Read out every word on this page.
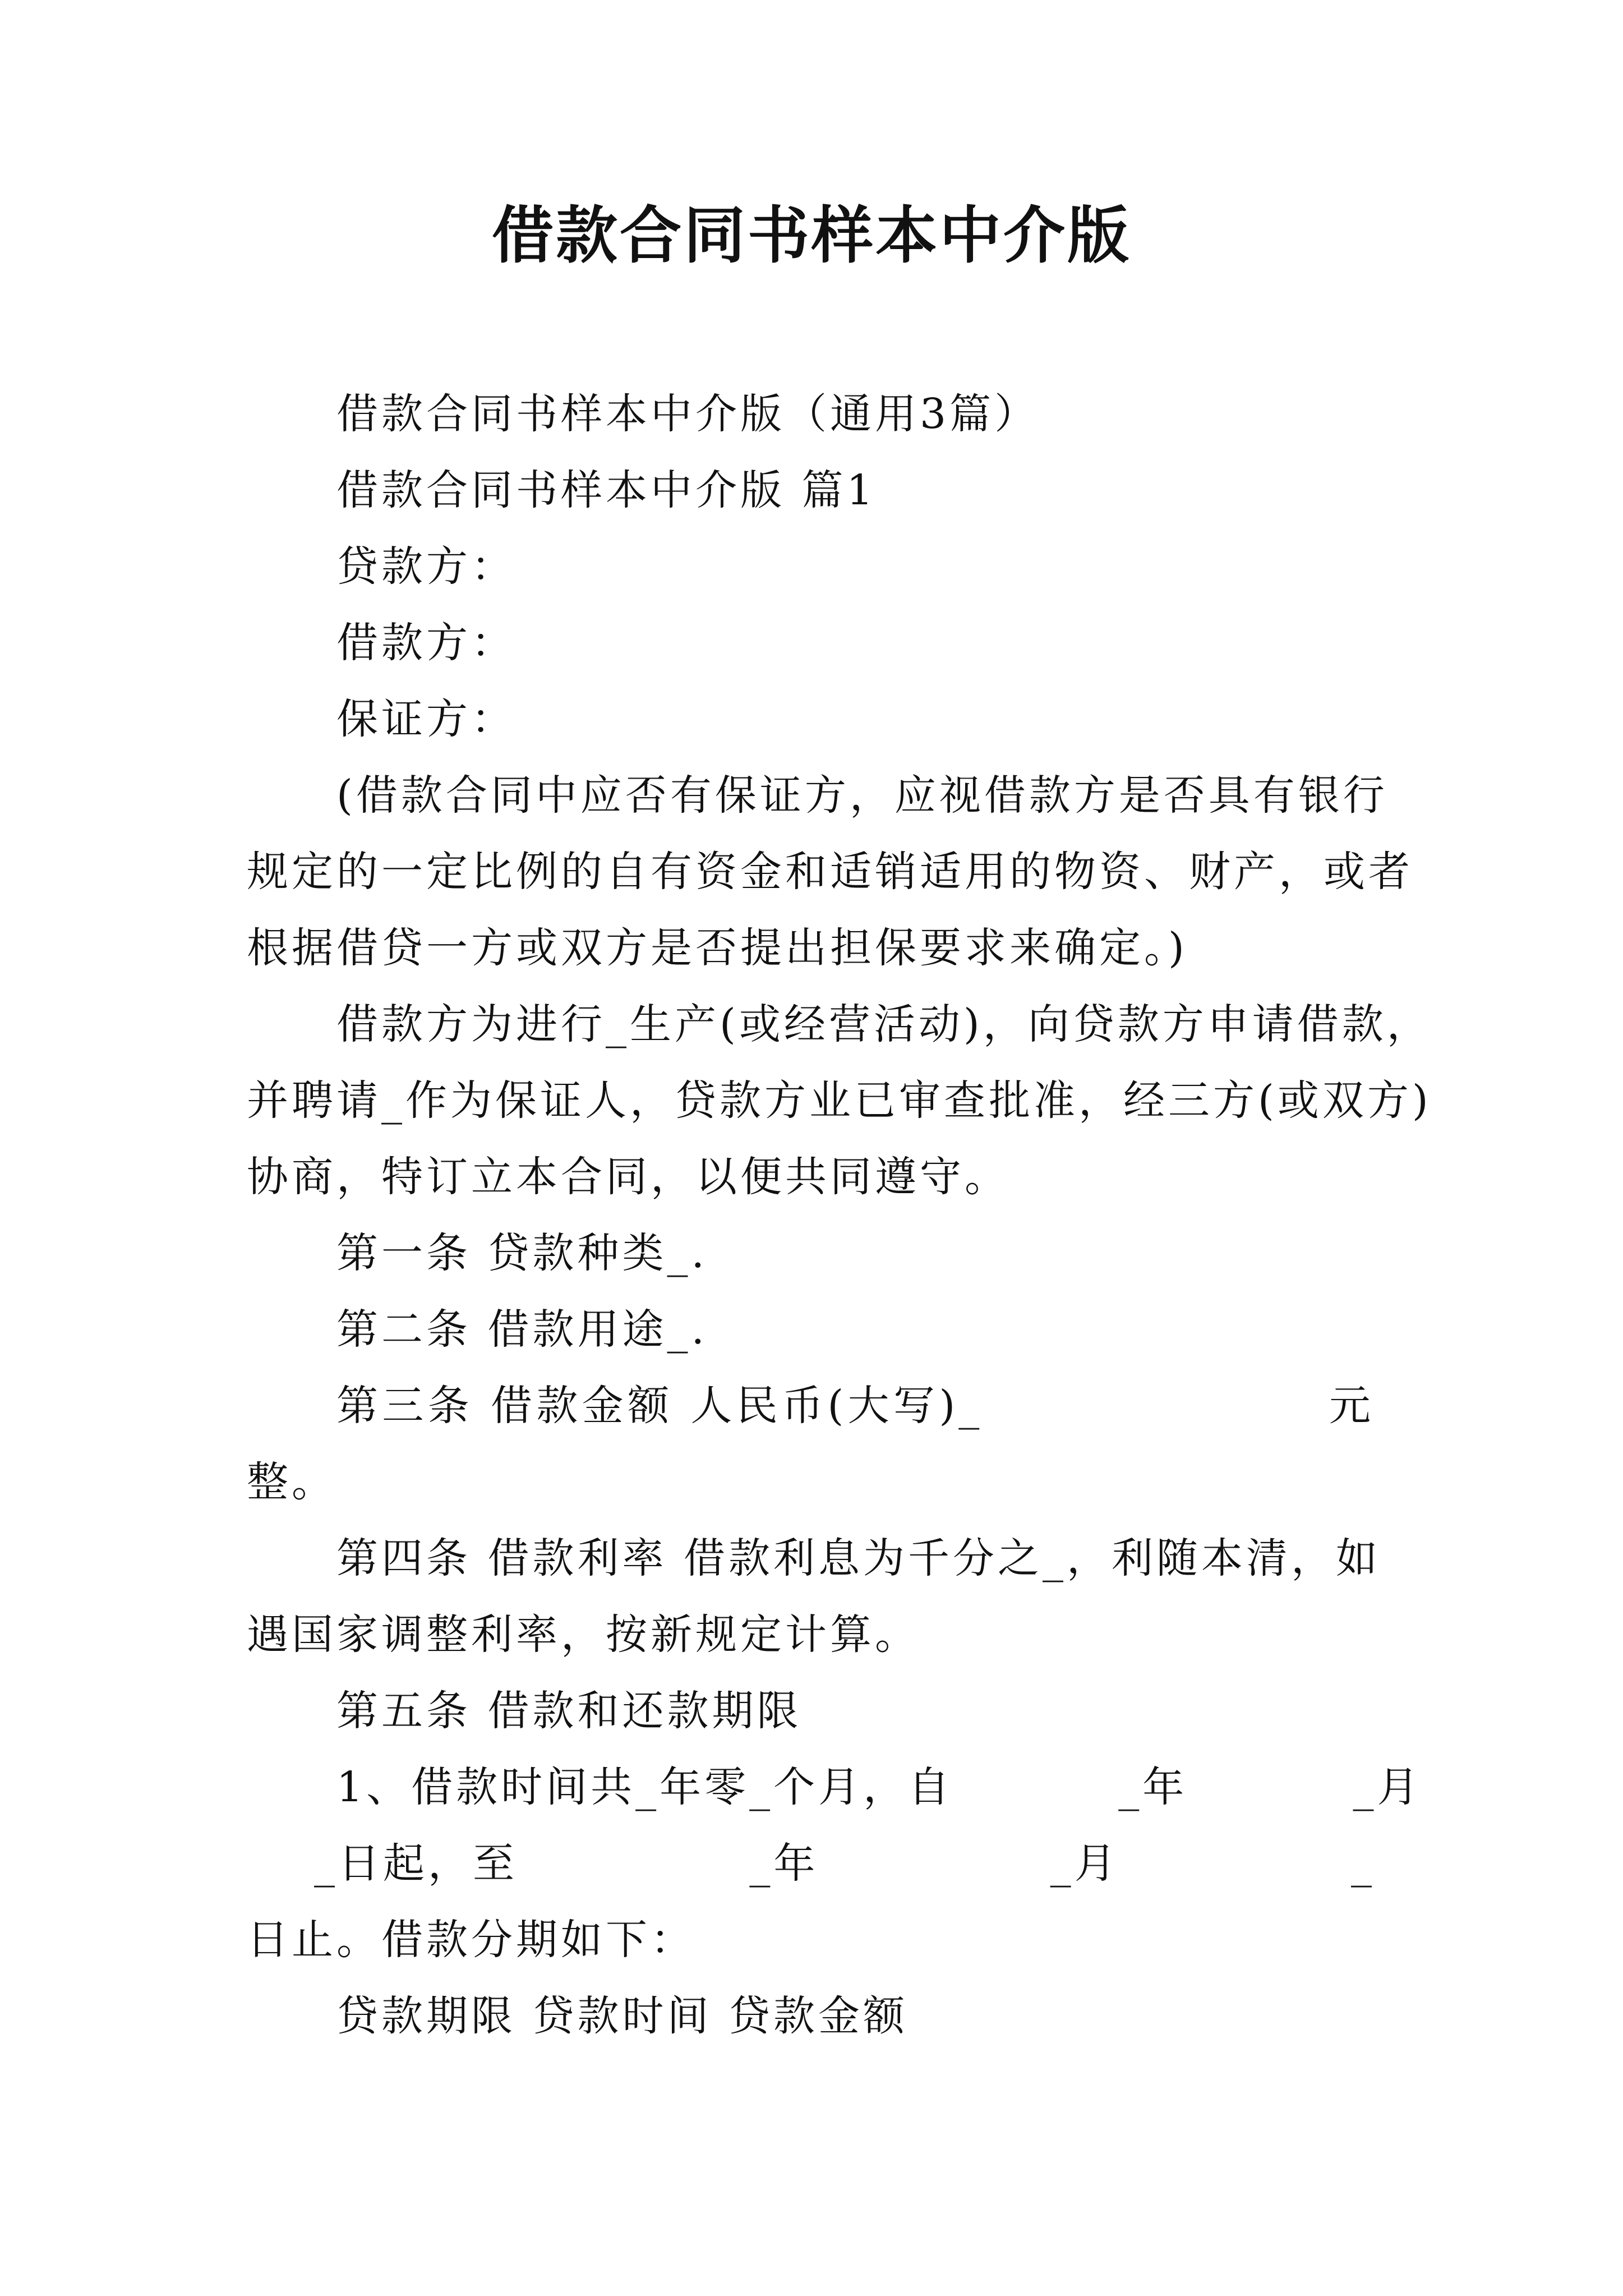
借款合同书样本中介版
借款合同书样本中介版（通用3篇）
借款合同书样本中介版 篇1
贷款方：
借款方：
保证方：
(借款合同中应否有保证方，应视借款方是否具有银行
规定的一定比例的自有资金和适销适用的物资、财产，或者
根据借贷一方或双方是否提出担保要求来确定。)
借款方为进行_生产(或经营活动)，向贷款方申请借款，
并聘请_作为保证人，贷款方业已审查批准，经三方(或双方)
协商，特订立本合同，以便共同遵守。
第一条 贷款种类_.
第二条 借款用途_.
第三条 借款金额 人民币(大写)_                    元
整。
第四条 借款利率 借款利息为千分之_，利随本清，如
遇国家调整利率，按新规定计算。
第五条 借款和还款期限
1、借款时间共_年零_个月，自          _年          _月
_日起，至              _年              _月              _
日止。借款分期如下：
贷款期限 贷款时间 贷款金额
